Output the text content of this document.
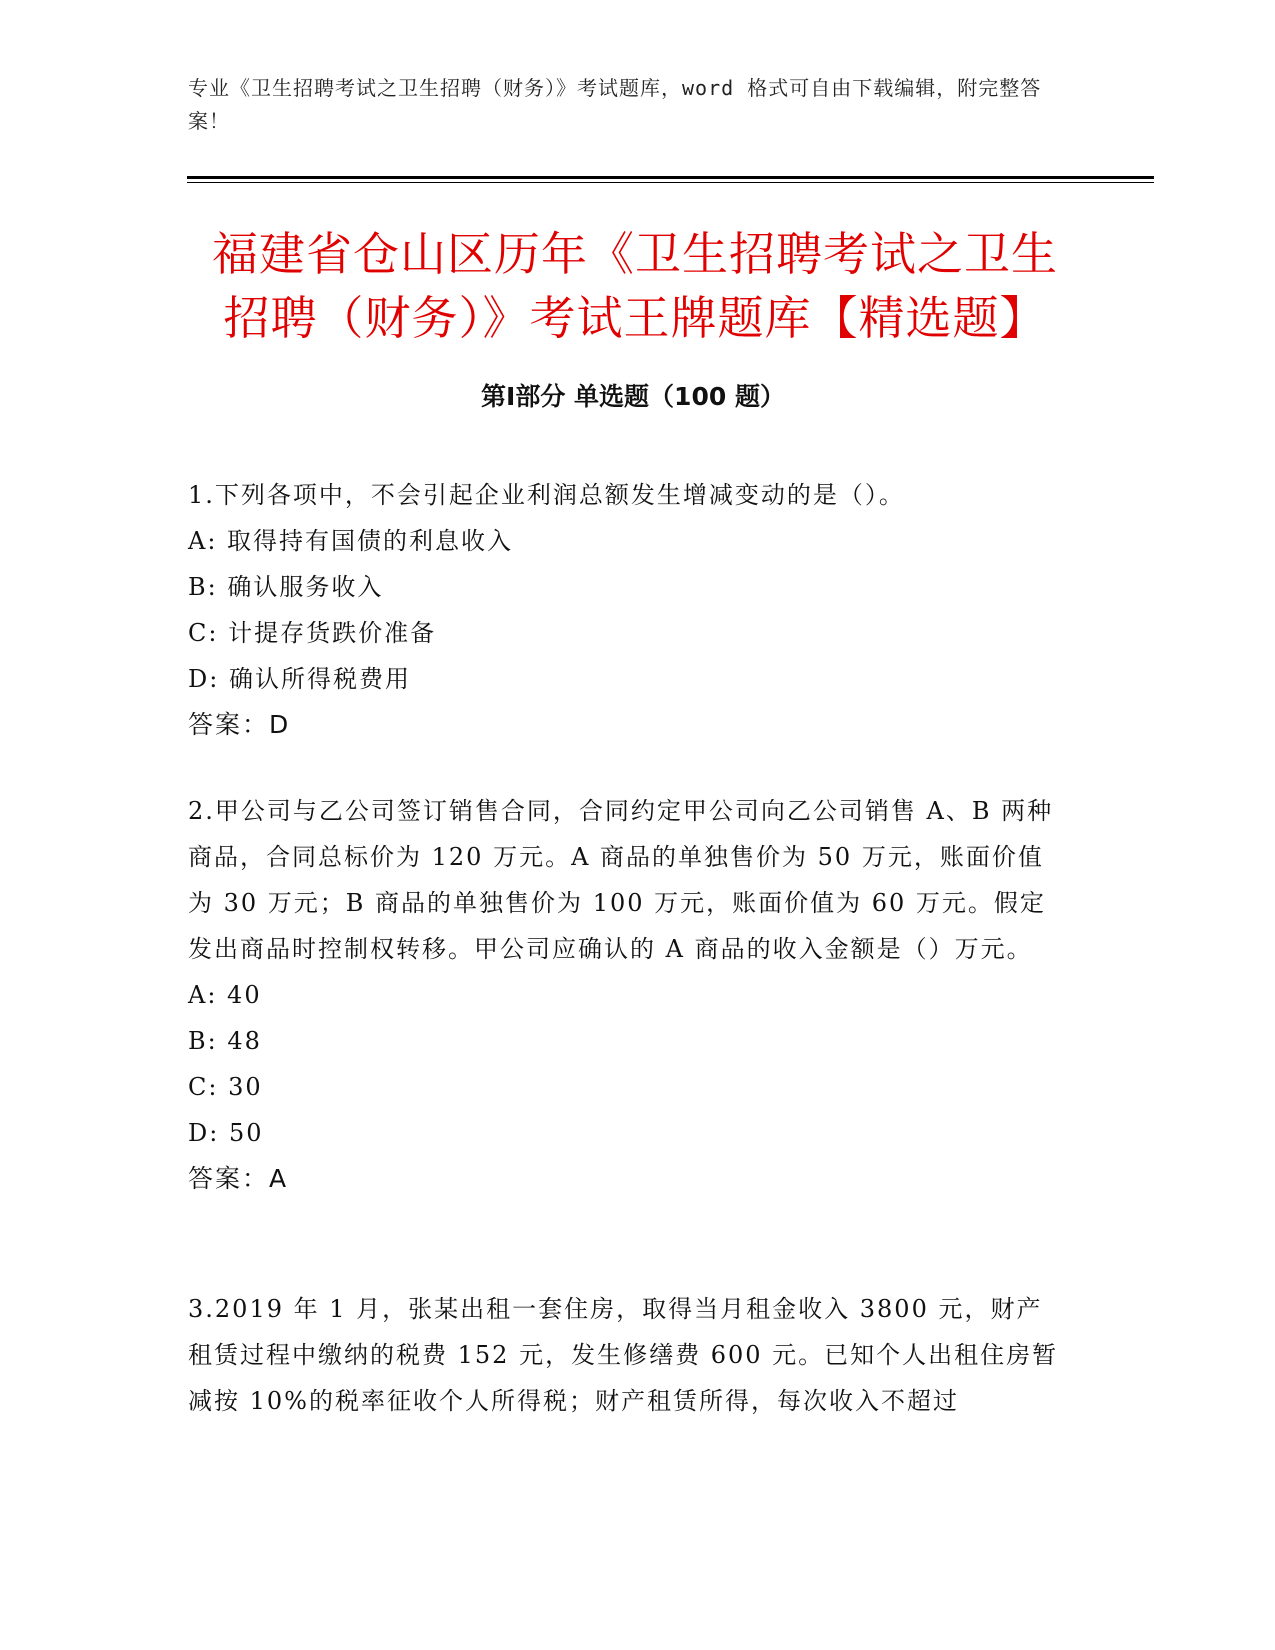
专业《卫生招聘考试之卫生招聘（财务）》考试题库，word 格式可自由下载编辑，附完整答案！
福建省仓山区历年《卫生招聘考试之卫生招聘（财务）》考试王牌题库【精选题】
第Ⅰ部分 单选题（100 题）

1.下列各项中，不会引起企业利润总额发生增减变动的是（）。

A: 取得持有国债的利息收入

B: 确认服务收入

C: 计提存货跌价准备

D: 确认所得税费用

答案：D

2.甲公司与乙公司签订销售合同，合同约定甲公司向乙公司销售 A、B 两种商品，合同总标价为 120 万元。A 商品的单独售价为 50 万元，账面价值为 30 万元；B 商品的单独售价为 100 万元，账面价值为 60 万元。假定发出商品时控制权转移。甲公司应确认的 A 商品的收入金额是（）万元。

A: 40

B: 48

C: 30

D: 50

答案：A

3.2019 年 1 月，张某出租一套住房，取得当月租金收入 3800 元，财产租赁过程中缴纳的税费 152 元，发生修缮费 600 元。已知个人出租住房暂减按 10%的税率征收个人所得税；财产租赁所得，每次收入不超过
